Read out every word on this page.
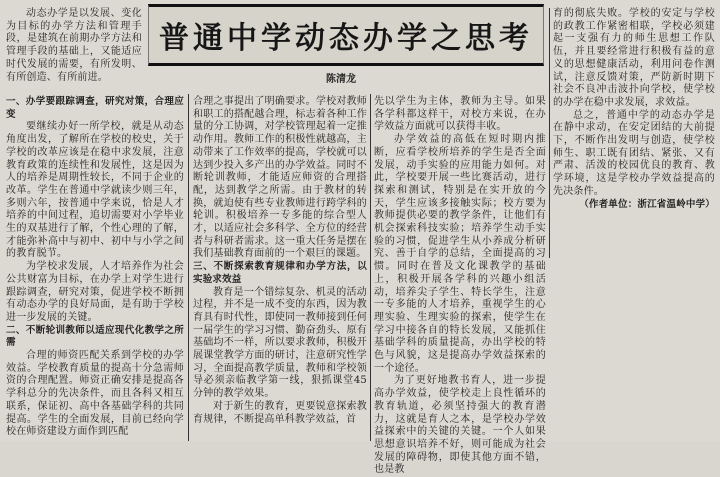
动态办学是以发展、变化为目标的办学方法和管理手段，是建筑在前期办学方法和管理手段的基础上，又能适应时代发展的需要，有所发明、有所创造、有所前进。

普通中学动态办学之思考
陈清龙

一、办学要跟踪调查，研究对策，合理应变

要继续办好一所学校，就是从动态角度出发，了解所在学校的校史，关于学校的改革应该是在稳中求发展，注意教育政策的连续性和发展性，这是因为人的培养是周期性较长，不同于企业的改革。学生在普通中学就读少则三年，多则六年，按普通中学来说，恰是人才培养的中间过程，追切需要对小学毕业生的双基进行了解，个性心理的了解，才能弥补高中与初中、初中与小学之间的教育脱节。

为学校求发展，人才培养作为社会公共财富为目标，在办学上对学生进行跟踪调查，研究对策，促进学校不断拥有动态办学的良好局面，是有助于学校进一步发展的关键。

二、不断轮训教师以适应现代化教学之所需

合理的师资匹配关系到学校的办学效益。学校教育质量的提高十分急需师资的合理配置。师资正确安排是提高各学科总分的先决条件，而且各科又相互联系，保证初、高中各基础学科的共同提高。学生的全面发展，目前已经向学校在师资建设方面作到匹配

合理之事提出了明确要求。学校对教师和职工的搭配越合理，标志着各种工作量的分工协调，对学校管理起着一定推动作用。教师工作的积极性就越高，主动带来了工作效率的提高，学校就可以达到少投入多产出的办学效益。同时不断轮训教师，才能适应师资的合理搭配，达到教学之所需。由于教材的转换，就迫使有些专业教师进行跨学科的轮训。积极培养一专多能的综合型人才，以适应社会多科学、全方位的经营者与科研者需求。这一重大任务是摆在我们基础教育面前的一个艰巨的课题。

三、不断探索教育规律和办学方法，以实验求效益

教育是一个错综复杂、机灵的活动过程，并不是一成不变的东西，因为教育具有时代性，即使同一教师接到任何一届学生的学习习惯、勤奋劲头、原有基础均不一样，所以要求教师，积极开展课堂教学方面的研讨，注意研究性学习，全面提高教学质量，教师和学校领导必须亲临教学第一线，狠抓课堂45分钟的教学效果。

对于新生的教育，更要锐意探索教育规律，不断提高单科教学效益，首

先以学生为主体，教师为主导。如果各学科都这样干，对校方来说，在办学效益方面就可以获得丰收。

办学效益的高低在短时期内推断，应看学校所培养的学生是否全面发展，动手实验的应用能力如何。对此，学校要开展一些比赛活动，进行探索和测试，特别是在实开放的今天，学生应该多接触实际；校方要为教师提供必要的教学条件，让他们有机会探索科技实验；培养学生动手实验的习惯，促进学生从小养成分析研究、善于自学的总结，全面提高的习惯。同时在普及文化课教学的基础上，积极开展各学科的兴趣小组活动，培养尖子学生、特长学生，注意一专多能的人才培养，重视学生的心理实验、生理实验的探索，使学生在学习中接各自的特长发展，又能抓住基础学科的质量提高，办出学校的特色与风貌，这是提高办学效益探索的一个途径。

为了更好地教书育人，进一步提高办学效益，使学校走上良性循环的教育轨道，必须坚持强大的教育潜力，这就是育人之本，是学校办学效益探索中的关键的关键。一个人如果思想意识培养不好，则可能成为社会发展的障碍物，即使其他方面不错，也是教

育的彻底失败。学校的安定与学校的政教工作紧密相联，学校必须建起一支强有力的师生思想工作队伍，并且要经常进行积极有益的意义的思想健康活动，利用问卷作测试，注意反馈对策，严防新时期下社会不良冲击波扑向学校，使学校的办学在稳中求发展，求效益。

总之，普通中学的动态办学是在静中求动，在安定团结的大前提下，不断作出发明与创造，使学校师生、职工既有团结、紧张、又有严肃、活泼的校园优良的教育、教学环境，这是学校办学效益提高的先决条件。

（作者单位：浙江省温岭中学）
